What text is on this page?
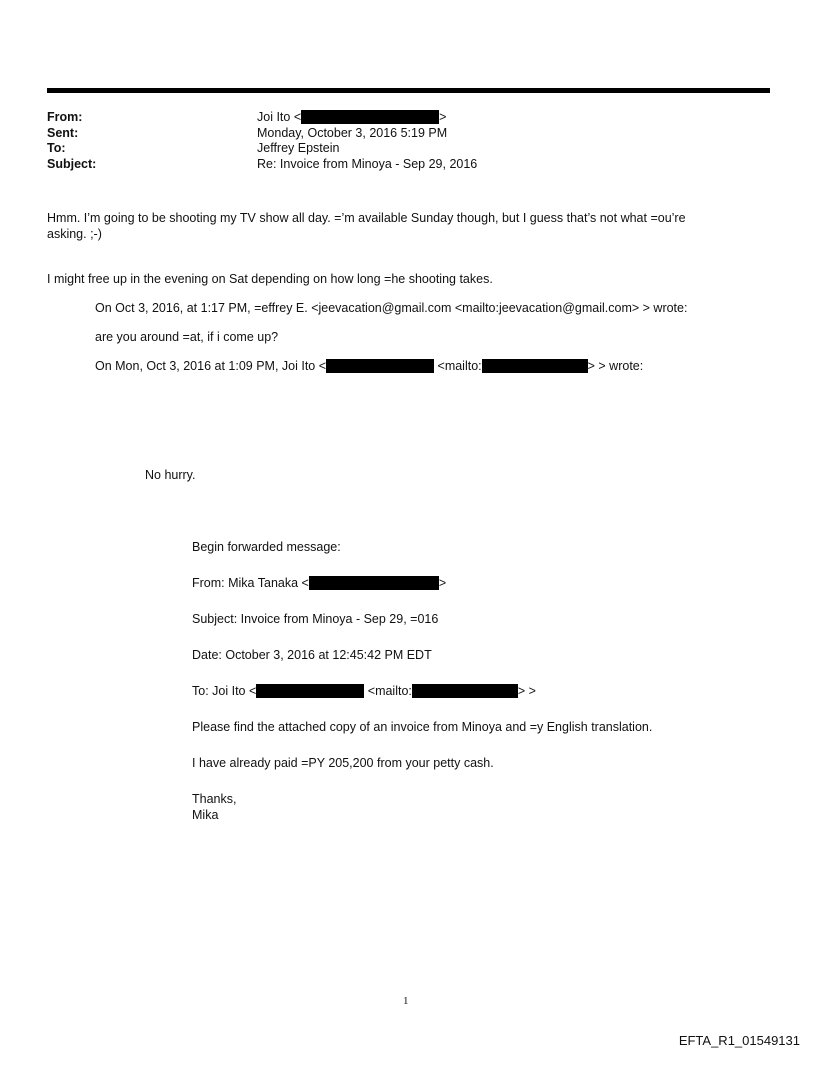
From:	Joi Ito <	>
Sent:	Monday, October 3, 2016 5:19 PM
To:	Jeffrey Epstein
Subject:	Re: Invoice from Minoya - Sep 29, 2016
Hmm. I’m going to be shooting my TV show all day. =’m available Sunday though, but I guess that’s not what =ou’re
asking. ;-)
I might free up in the evening on Sat depending on how long =he shooting takes.
On Oct 3, 2016, at 1:17 PM, =effrey E. <jeevacation@gmail.com <mailto:jeevacation@gmail.com> > wrote:
are you around =at, if i come up?
On Mon, Oct 3, 2016 at 1:09 PM, Joi Ito <	<mailto:	> > wrote:
No hurry.
Begin forwarded message:
From: Mika Tanaka <	>
Subject: Invoice from Minoya - Sep 29, =016
Date: October 3, 2016 at 12:45:42 PM EDT
To: Joi Ito <	<mailto:	> >
Please find the attached copy of an invoice from Minoya and =y English translation.
I have already paid =PY 205,200 from your petty cash.
Thanks,
Mika
1
EFTA_R1_01549131
